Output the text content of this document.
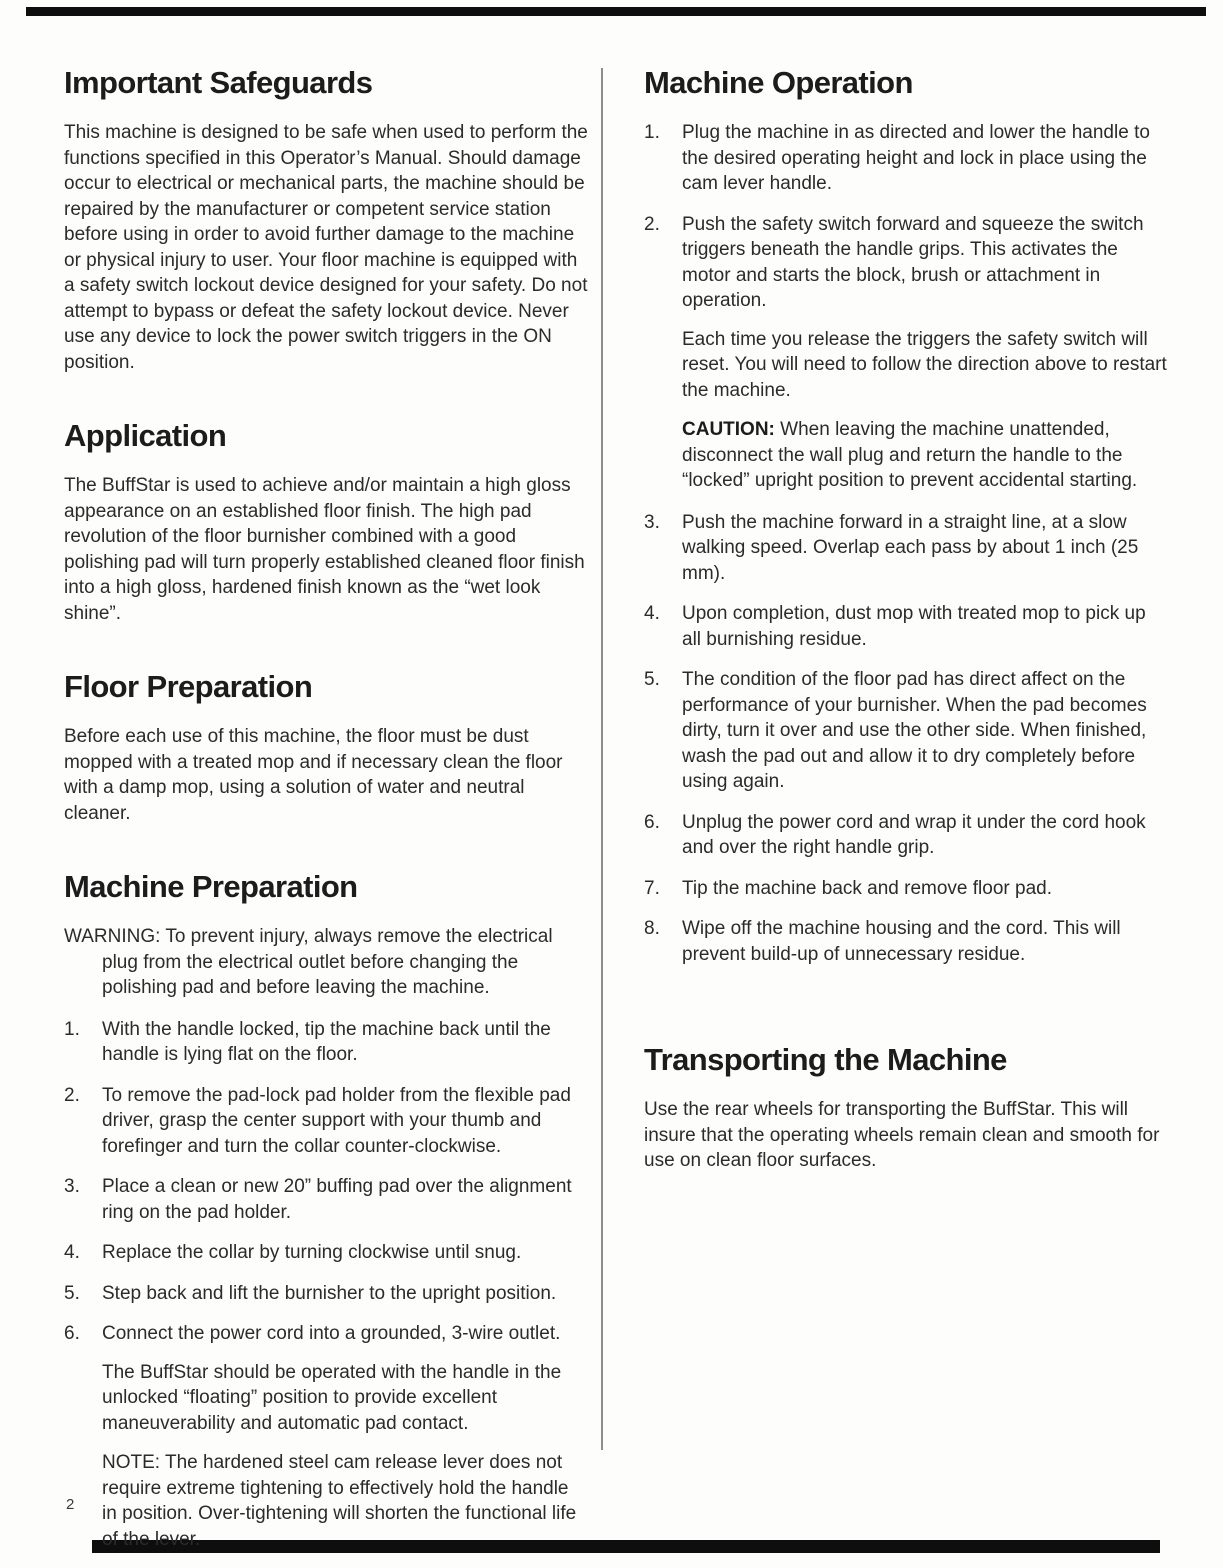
Important Safeguards

This machine is designed to be safe when used to perform the functions specified in this Operator’s Manual. Should damage occur to electrical or mechanical parts, the machine should be repaired by the manufacturer or competent service station before using in order to avoid further damage to the machine or physical injury to user. Your floor machine is equipped with a safety switch lockout device designed for your safety. Do not attempt to bypass or defeat the safety lockout device. Never use any device to lock the power switch triggers in the ON position.

Application

The BuffStar is used to achieve and/or maintain a high gloss appearance on an established floor finish. The high pad revolution of the floor burnisher combined with a good polishing pad will turn properly established cleaned floor finish into a high gloss, hardened finish known as the “wet look shine”.

Floor Preparation

Before each use of this machine, the floor must be dust mopped with a treated mop and if necessary clean the floor with a damp mop, using a solution of water and neutral cleaner.

Machine Preparation

WARNING: To prevent injury, always remove the electrical plug from the electrical outlet before changing the polishing pad and before leaving the machine.

1.	With the handle locked, tip the machine back until the handle is lying flat on the floor.
2.	To remove the pad-lock pad holder from the flexible pad driver, grasp the center support with your thumb and forefinger and turn the collar counter-clockwise.
3.	Place a clean or new 20” buffing pad over the alignment ring on the pad holder.
4.	Replace the collar by turning clockwise until snug.
5.	Step back and lift the burnisher to the upright position.
6.	Connect the power cord into a grounded, 3-wire outlet.

The BuffStar should be operated with the handle in the unlocked “floating” position to provide excellent maneuverability and automatic pad contact.

NOTE: The hardened steel cam release lever does not require extreme tightening to effectively hold the handle in position. Over-tightening will shorten the functional life of the lever.

Machine Operation
1.	Plug the machine in as directed and lower the handle to the desired operating height and lock in place using the cam lever handle.
2.	Push the safety switch forward and squeeze the switch triggers beneath the handle grips. This activates the motor and starts the block, brush or attachment in operation.

Each time you release the triggers the safety switch will reset. You will need to follow the direction above to restart the machine.

CAUTION: When leaving the machine unattended, disconnect the wall plug and return the handle to the “locked” upright position to prevent accidental starting.

3.	Push the machine forward in a straight line, at a slow walking speed. Overlap each pass by about 1 inch (25 mm).
4.	Upon completion, dust mop with treated mop to pick up all burnishing residue.
5.	The condition of the floor pad has direct affect on the performance of your burnisher. When the pad becomes dirty, turn it over and use the other side. When finished, wash the pad out and allow it to dry completely before using again.
6.	Unplug the power cord and wrap it under the cord hook and over the right handle grip.
7.	Tip the machine back and remove floor pad.
8.	Wipe off the machine housing and the cord. This will prevent build-up of unnecessary residue.
Transporting the Machine

Use the rear wheels for transporting the BuffStar. This will insure that the operating wheels remain clean and smooth for use on clean floor surfaces.

2
